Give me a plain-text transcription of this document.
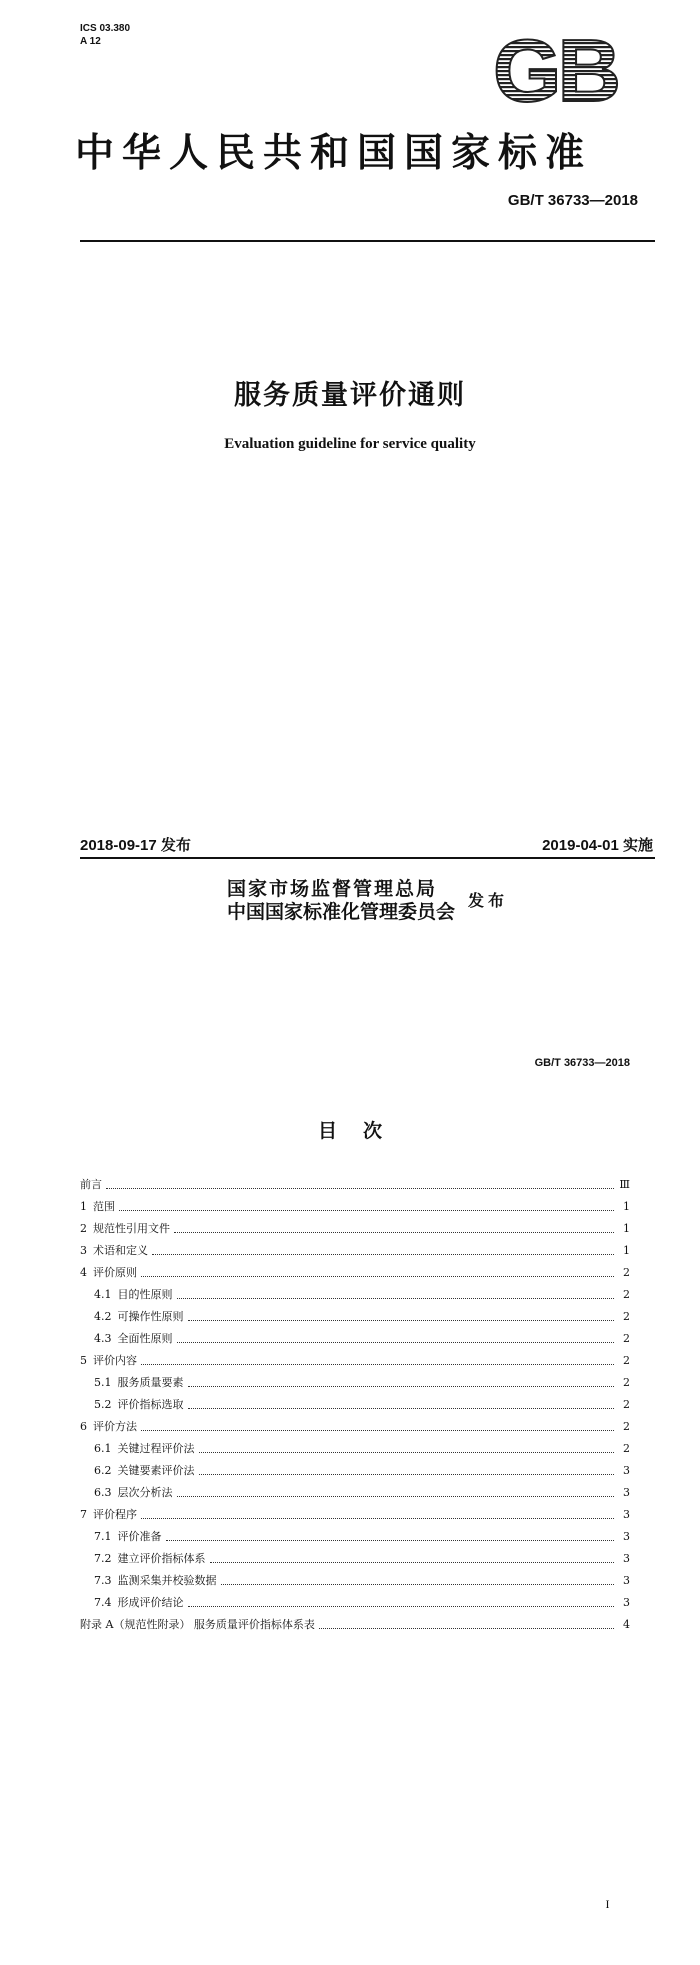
ICS 03.380
A 12	GB
中华人民共和国国家标准
GB/T 36733—2018
服务质量评价通则
Evaluation guideline for service quality
2018-09-17 发布	2019-04-01 实施
国家市场监督管理总局
中国国家标准化管理委员会
发布
GB/T 36733—2018
目次
前言	Ⅲ
1 范围	1
2 规范性引用文件	1
3 术语和定义	1
4 评价原则	2
4.1 目的性原则	2
4.2 可操作性原则	2
4.3 全面性原则	2
5 评价内容	2
5.1 服务质量要素	2
5.2 评价指标选取	2
6 评价方法	2
6.1 关键过程评价法	2
6.2 关键要素评价法	3
6.3 层次分析法	3
7 评价程序	3
7.1 评价准备	3
7.2 建立评价指标体系	3
7.3 监测采集并校验数据	3
7.4 形成评价结论	3
附录 A（规范性附录） 服务质量评价指标体系表	4
I
